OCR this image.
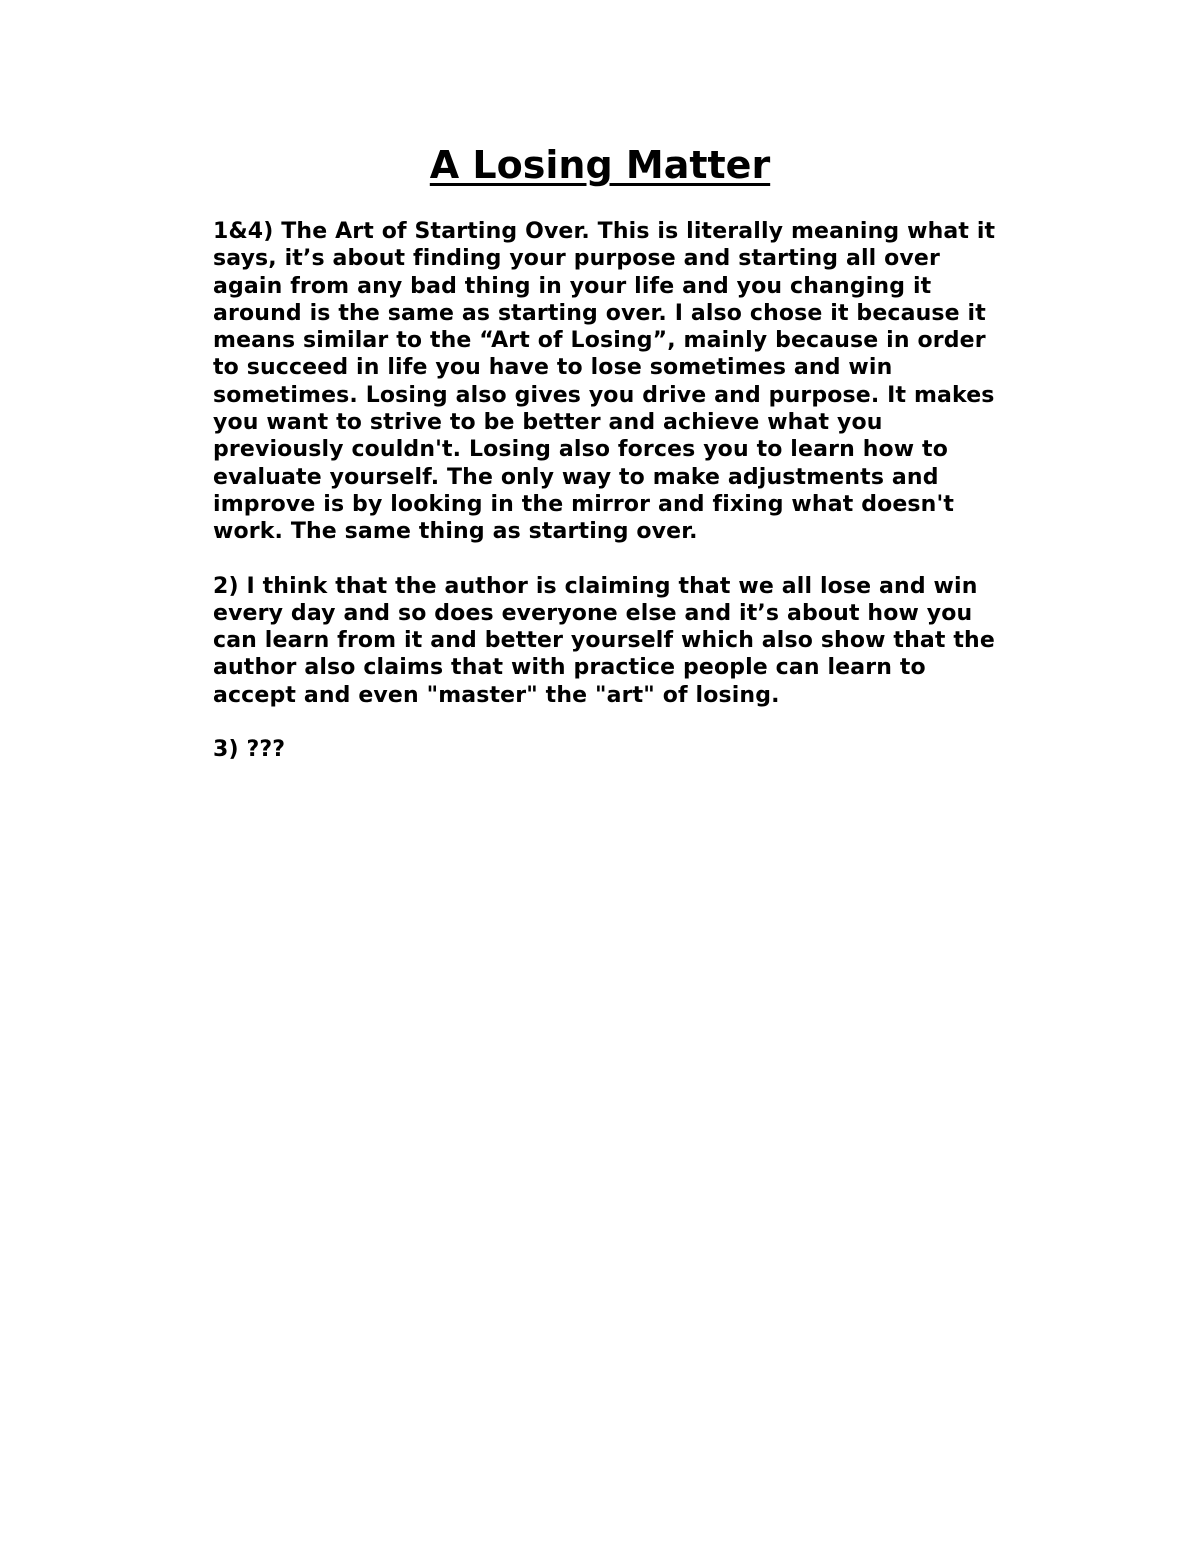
A Losing Matter

1&4) The Art of Starting Over. This is literally meaning what it
says, it’s about finding your purpose and starting all over
again from any bad thing in your life and you changing it
around is the same as starting over. I also chose it because it
means similar to the “Art of Losing”, mainly because in order
to succeed in life you have to lose sometimes and win
sometimes. Losing also gives you drive and purpose. It makes
you want to strive to be better and achieve what you
previously couldn't. Losing also forces you to learn how to
evaluate yourself. The only way to make adjustments and
improve is by looking in the mirror and fixing what doesn't
work. The same thing as starting over.

2) I think that the author is claiming that we all lose and win
every day and so does everyone else and it’s about how you
can learn from it and better yourself which also show that the
author also claims that with practice people can learn to
accept and even "master" the "art" of losing.

3) ???
